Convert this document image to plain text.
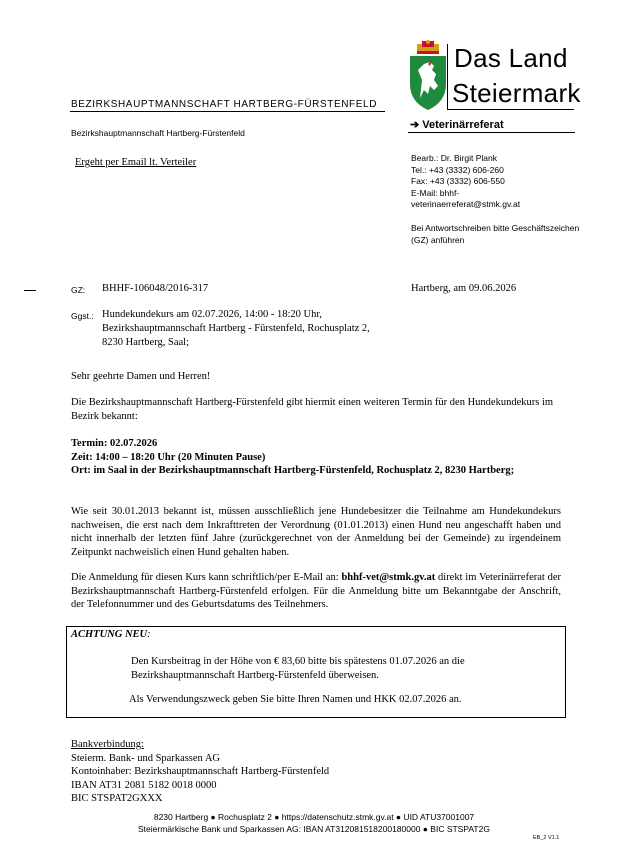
BEZIRKSHAUPTMANNSCHAFT HARTBERG-FÜRSTENFELD
Bezirkshauptmannschaft Hartberg-Fürstenfeld
Ergeht per Email lt. Verteiler
Das Land
Steiermark
➔ Veterinärreferat
Bearb.: Dr. Birgit Plank
Tel.: +43 (3332) 606-260
Fax: +43 (3332) 606-550
E-Mail: bhhf-
veterinaerreferat@stmk.gv.at
Bei Antwortschreiben bitte Geschäftszeichen (GZ) anführen
GZ: BHHF-106048/2016-317	Hartberg, am 09.06.2026
Ggst.: Hundekundekurs am 02.07.2026, 14:00 - 18:20 Uhr,
Bezirkshauptmannschaft Hartberg - Fürstenfeld, Rochusplatz 2,
8230 Hartberg, Saal;
Sehr geehrte Damen und Herren!
Die Bezirkshauptmannschaft Hartberg-Fürstenfeld gibt hiermit einen weiteren Termin für den Hundekundekurs im Bezirk bekannt:
Termin: 02.07.2026
Zeit: 14:00 – 18:20 Uhr (20 Minuten Pause)
Ort: im Saal in der Bezirkshauptmannschaft Hartberg-Fürstenfeld, Rochusplatz 2, 8230 Hartberg;
Wie seit 30.01.2013 bekannt ist, müssen ausschließlich jene Hundebesitzer die Teilnahme am Hundekundekurs nachweisen, die erst nach dem Inkrafttreten der Verordnung (01.01.2013) einen Hund neu angeschafft haben und nicht innerhalb der letzten fünf Jahre (zurückgerechnet von der Anmeldung bei der Gemeinde) zu irgendeinem Zeitpunkt nachweislich einen Hund gehalten haben.
Die Anmeldung für diesen Kurs kann schriftlich/per E-Mail an: bhhf-vet@stmk.gv.at direkt im Veterinärreferat der Bezirkshauptmannschaft Hartberg-Fürstenfeld erfolgen. Für die Anmeldung bitte um Bekanntgabe der Anschrift, der Telefonnummer und des Geburtsdatums des Teilnehmers.
ACHTUNG NEU:
Den Kursbeitrag in der Höhe von € 83,60 bitte bis spätestens 01.07.2026 an die Bezirkshauptmannschaft Hartberg-Fürstenfeld überweisen.
Als Verwendungszweck geben Sie bitte Ihren Namen und HKK 02.07.2026 an.
Bankverbindung:
Steierm. Bank- und Sparkassen AG
Kontoinhaber: Bezirkshauptmannschaft Hartberg-Fürstenfeld
IBAN AT31 2081 5182 0018 0000
BIC STSPAT2GXXX
8230 Hartberg ● Rochusplatz 2 ● https://datenschutz.stmk.gv.at ● UID ATU37001007
Steiermärkische Bank und Sparkassen AG: IBAN AT312081518200180000 ● BIC STSPAT2G
EB_2 V1.1
